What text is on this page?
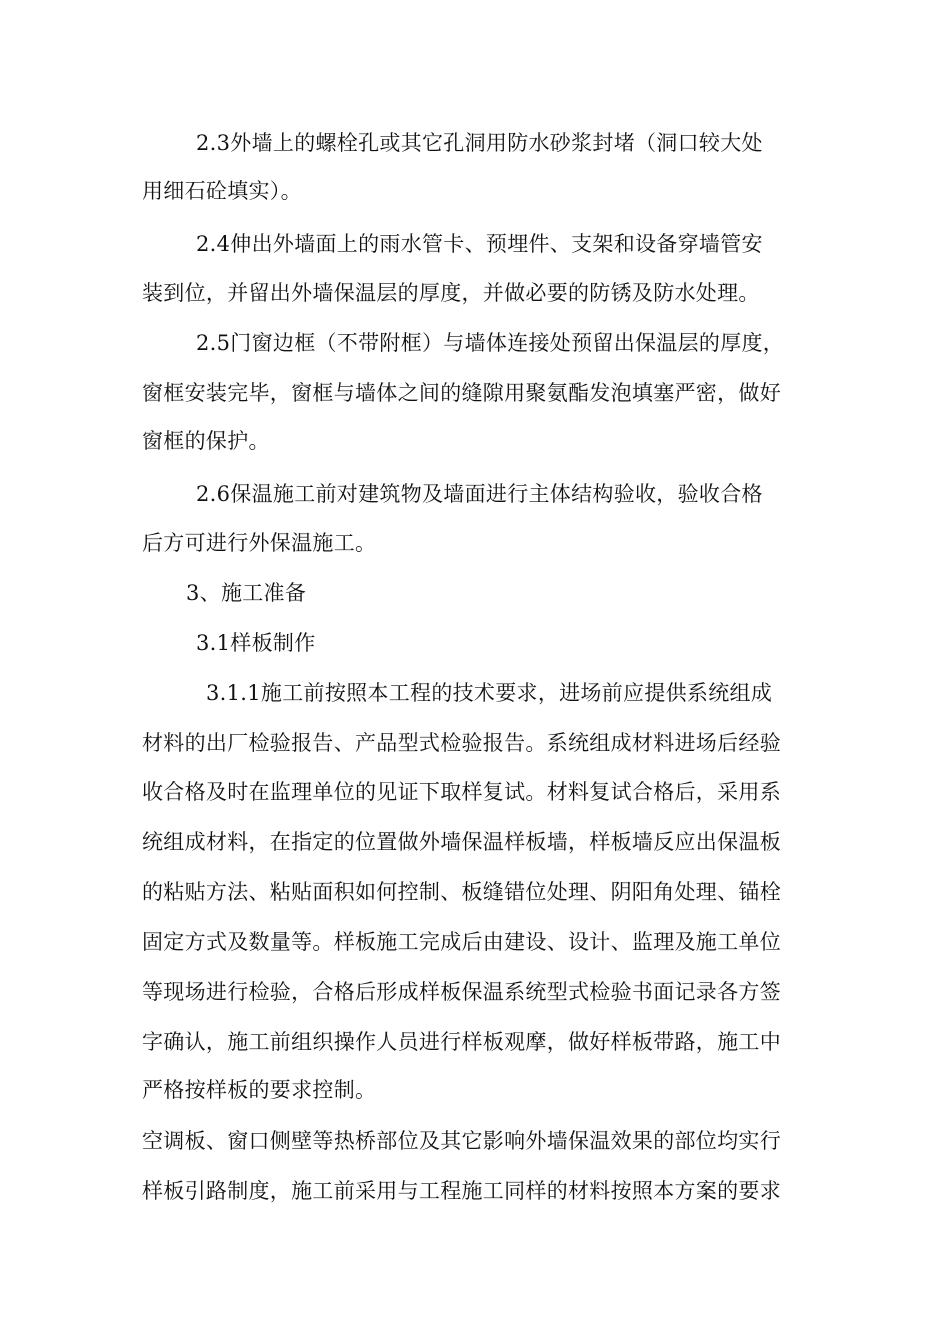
2.3外墙上的螺栓孔或其它孔洞用防水砂浆封堵（洞口较大处
用细石砼填实）。
2.4伸出外墙面上的雨水管卡、预埋件、支架和设备穿墙管安
装到位，并留出外墙保温层的厚度，并做必要的防锈及防水处理。
2.5门窗边框（不带附框）与墙体连接处预留出保温层的厚度，
窗框安装完毕，窗框与墙体之间的缝隙用聚氨酯发泡填塞严密，做好
窗框的保护。
2.6保温施工前对建筑物及墙面进行主体结构验收，验收合格
后方可进行外保温施工。
3、施工准备
3.1样板制作
3.1.1施工前按照本工程的技术要求，进场前应提供系统组成
材料的出厂检验报告、产品型式检验报告。系统组成材料进场后经验
收合格及时在监理单位的见证下取样复试。材料复试合格后，采用系
统组成材料，在指定的位置做外墙保温样板墙，样板墙反应出保温板
的粘贴方法、粘贴面积如何控制、板缝错位处理、阴阳角处理、锚栓
固定方式及数量等。样板施工完成后由建设、设计、监理及施工单位
等现场进行检验，合格后形成样板保温系统型式检验书面记录各方签
字确认，施工前组织操作人员进行样板观摩，做好样板带路，施工中
严格按样板的要求控制。
空调板、窗口侧壁等热桥部位及其它影响外墙保温效果的部位均实行
样板引路制度，施工前采用与工程施工同样的材料按照本方案的要求
